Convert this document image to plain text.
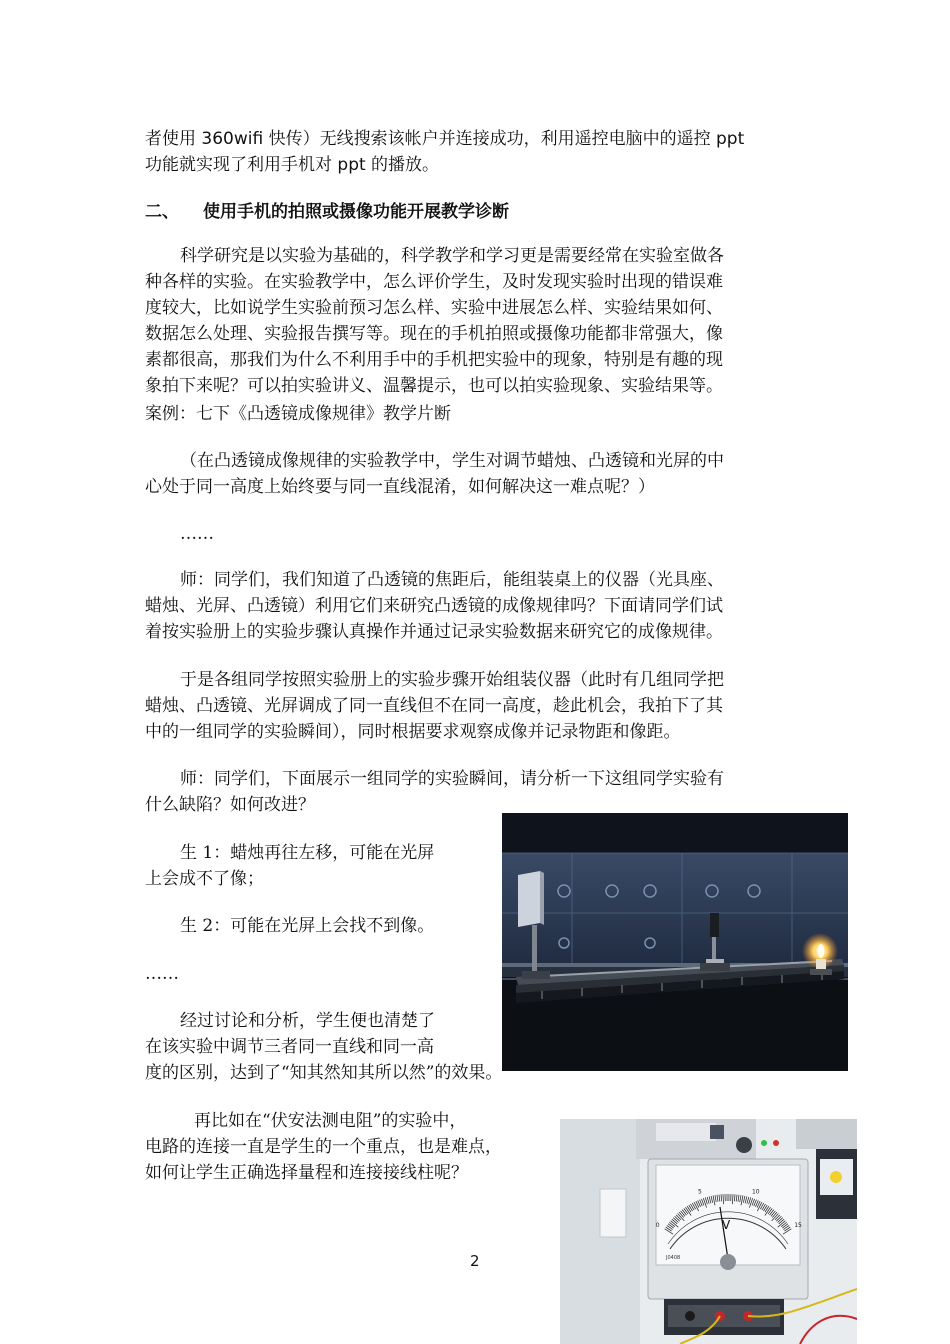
者使用 360wifi 快传）无线搜索该帐户并连接成功，利用遥控电脑中的遥控 ppt
功能就实现了利用手机对 ppt 的播放。
二、 使用手机的拍照或摄像功能开展教学诊断
科学研究是以实验为基础的，科学教学和学习更是需要经常在实验室做各
种各样的实验。在实验教学中，怎么评价学生，及时发现实验时出现的错误难
度较大，比如说学生实验前预习怎么样、实验中进展怎么样、实验结果如何、
数据怎么处理、实验报告撰写等。现在的手机拍照或摄像功能都非常强大，像
素都很高，那我们为什么不利用手中的手机把实验中的现象，特别是有趣的现
象拍下来呢？可以拍实验讲义、温馨提示，也可以拍实验现象、实验结果等。
案例：七下《凸透镜成像规律》教学片断
（在凸透镜成像规律的实验教学中，学生对调节蜡烛、凸透镜和光屏的中
心处于同一高度上始终要与同一直线混淆，如何解决这一难点呢？）
……
师：同学们，我们知道了凸透镜的焦距后，能组装桌上的仪器（光具座、
蜡烛、光屏、凸透镜）利用它们来研究凸透镜的成像规律吗？下面请同学们试
着按实验册上的实验步骤认真操作并通过记录实验数据来研究它的成像规律。
于是各组同学按照实验册上的实验步骤开始组装仪器（此时有几组同学把
蜡烛、凸透镜、光屏调成了同一直线但不在同一高度，趁此机会，我拍下了其
中的一组同学的实验瞬间），同时根据要求观察成像并记录物距和像距。
师：同学们，下面展示一组同学的实验瞬间，请分析一下这组同学实验有
什么缺陷？如何改进？
生 1：蜡烛再往左移，可能在光屏
上会成不了像；
生 2：可能在光屏上会找不到像。
……
经过讨论和分析，学生便也清楚了
在该实验中调节三者同一直线和同一高
度的区别，达到了“知其然知其所以然”的效果。
再比如在“伏安法测电阻”的实验中，
电路的连接一直是学生的一个重点，也是难点，
如何让学生正确选择量程和连接接线柱呢？
0
5	10
15
V
J0408
2
